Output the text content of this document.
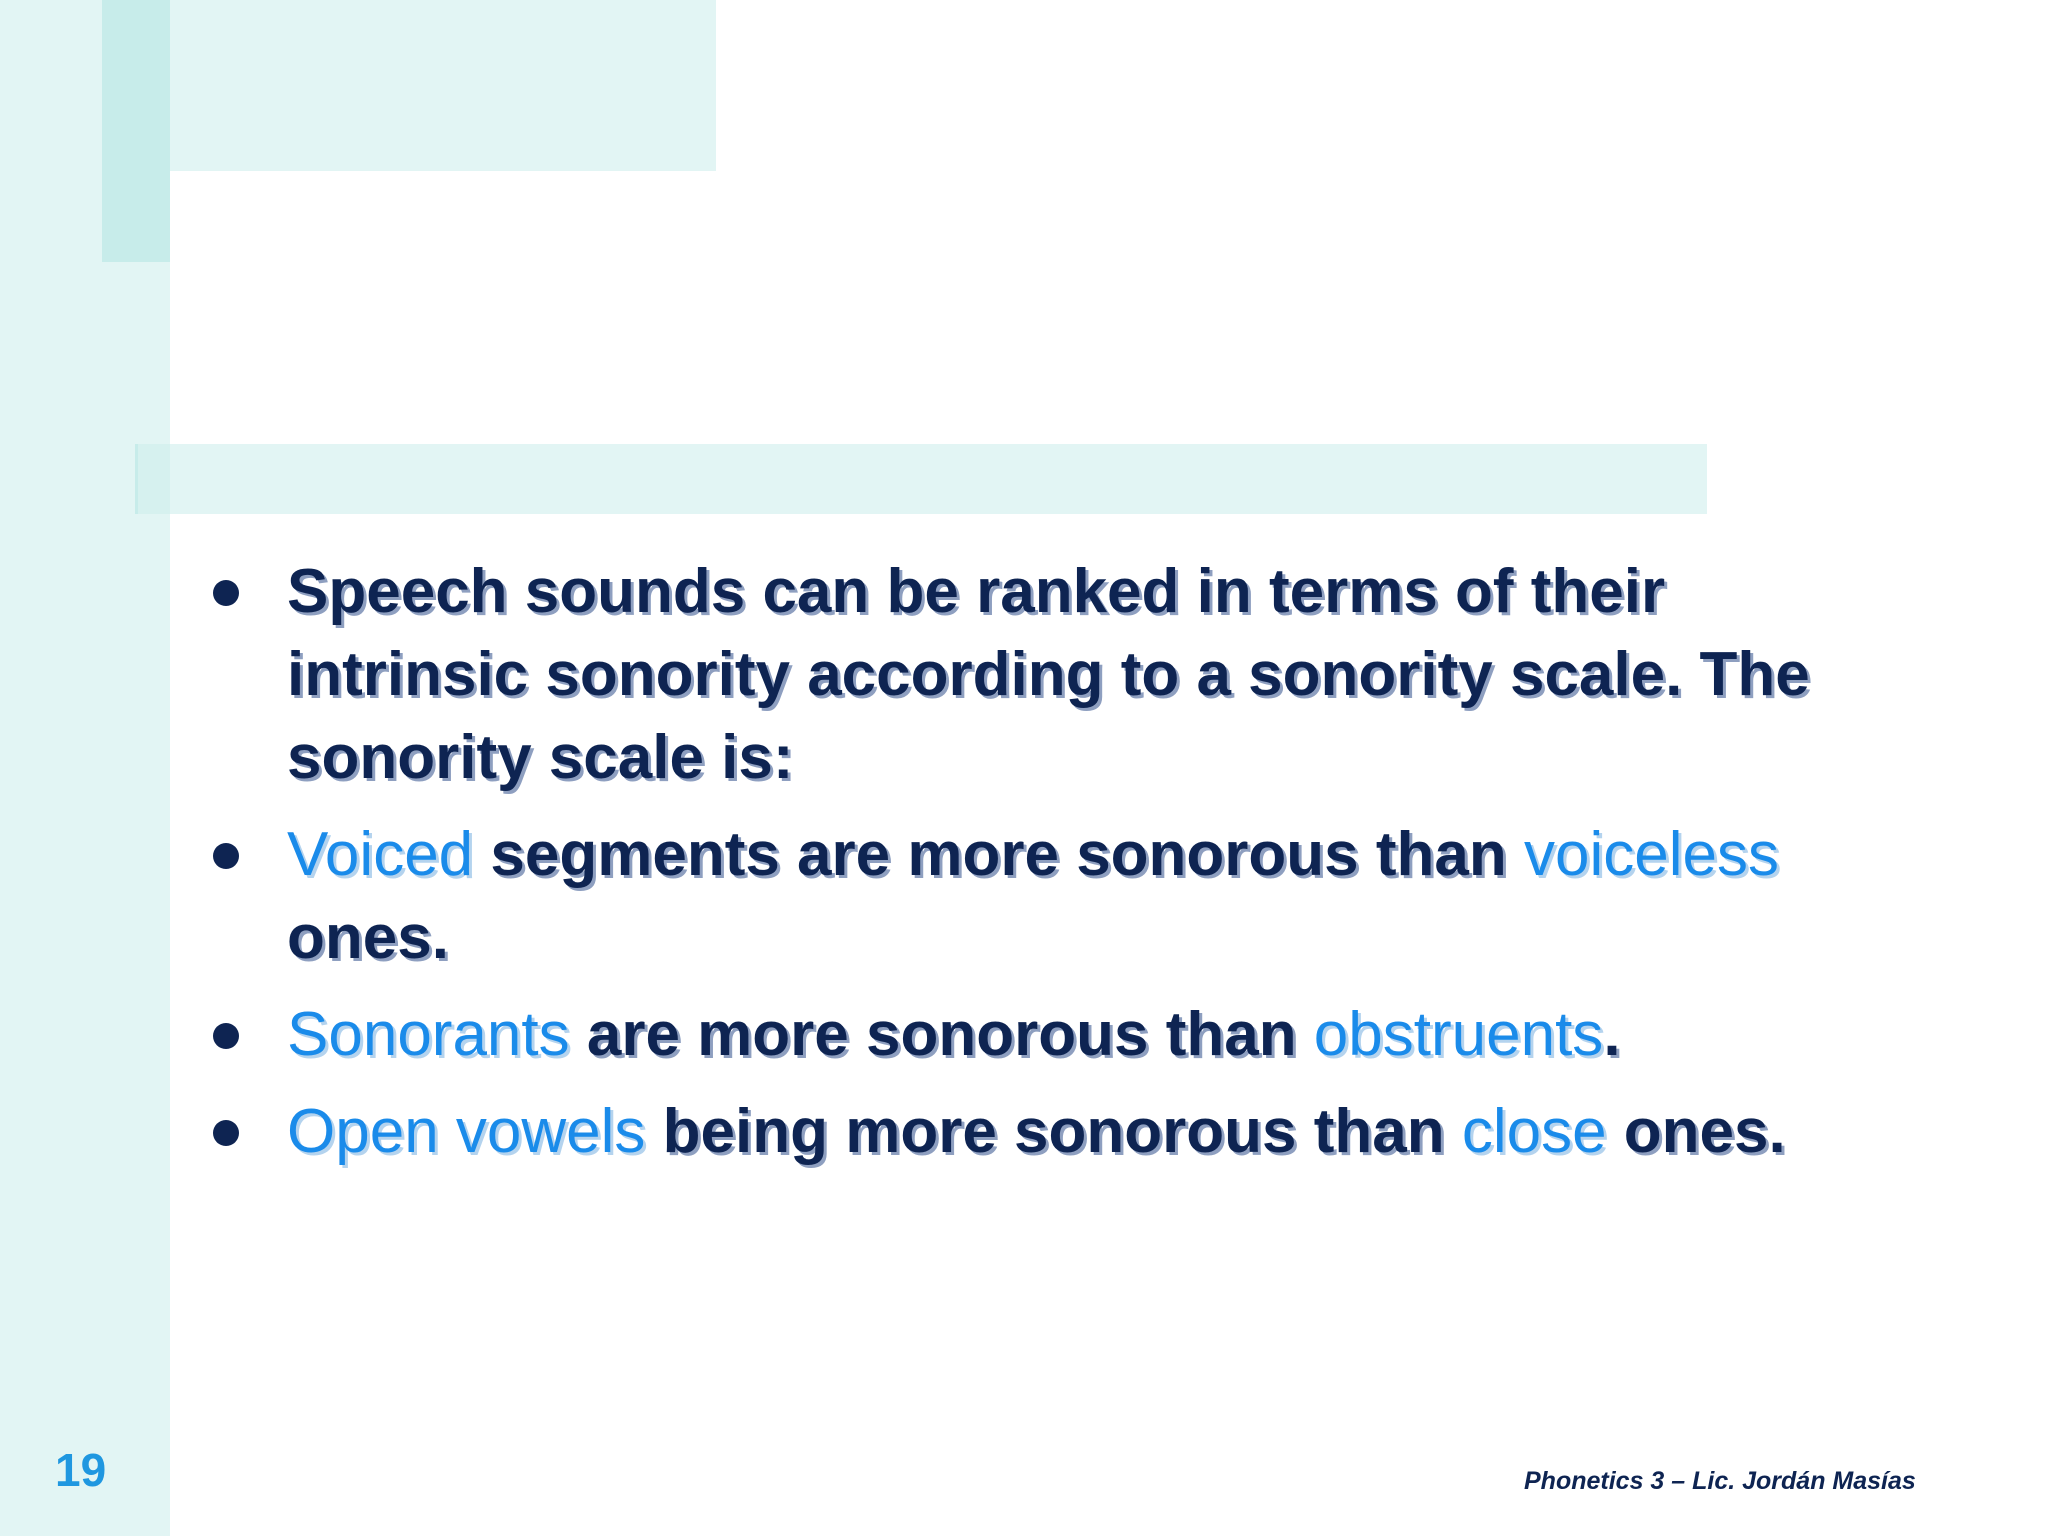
Speech sounds can be ranked in terms of their intrinsic sonority according to a sonority scale. The sonority scale is:
Voiced segments are more sonorous than voiceless ones.
Sonorants are more sonorous than obstruents.
Open vowels being more sonorous than close ones.
19	Phonetics 3 – Lic. Jordán Masías
